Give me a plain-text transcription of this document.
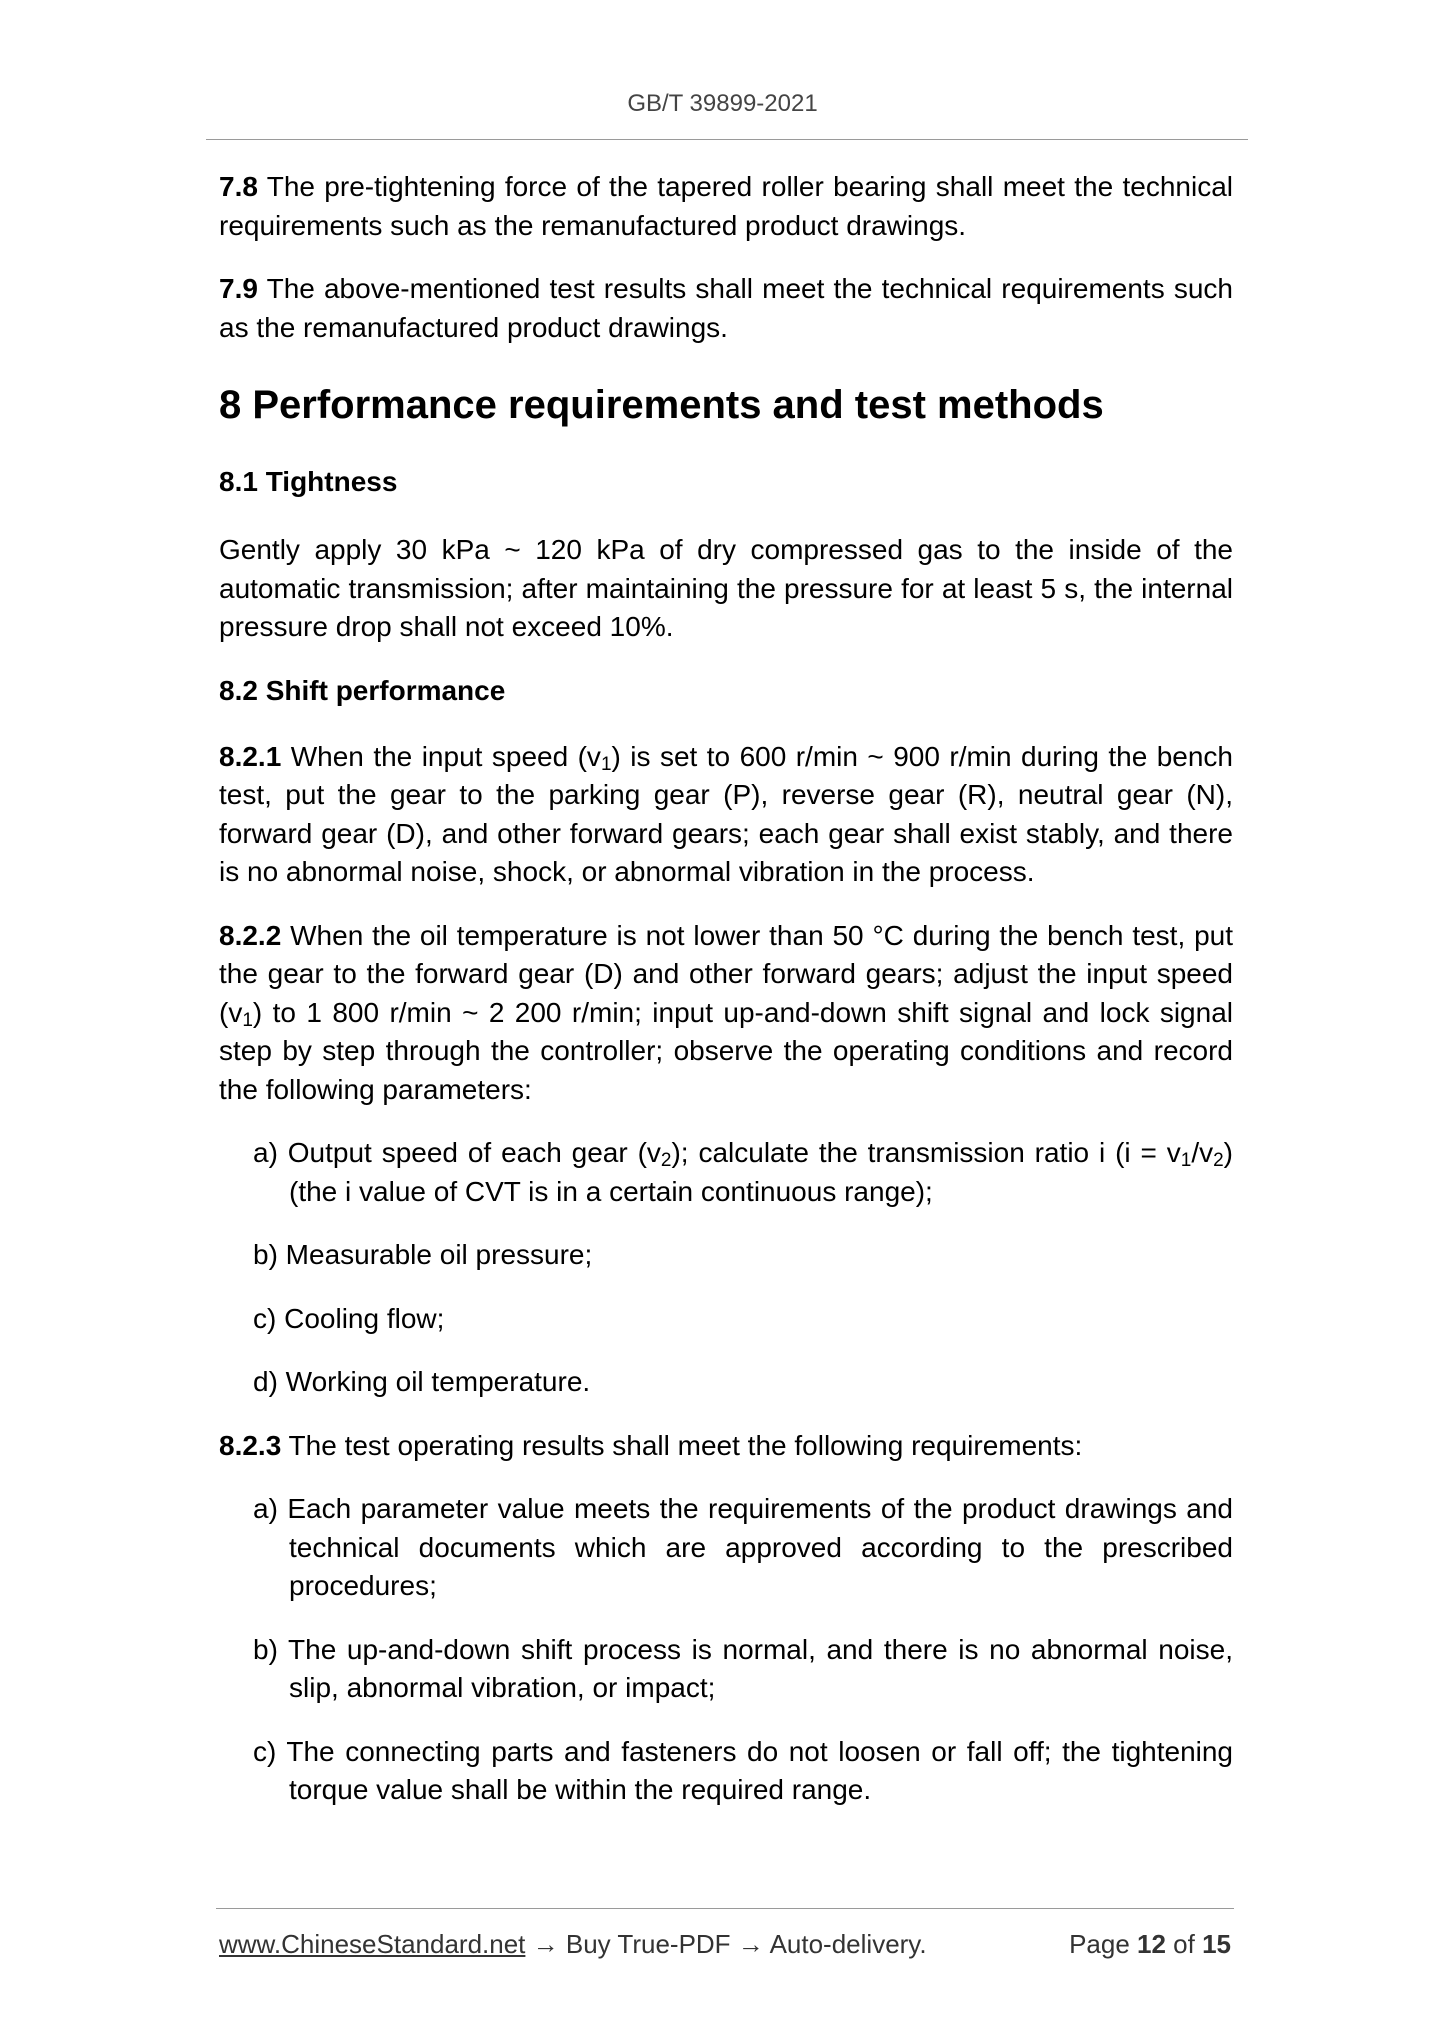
GB/T 39899-2021

7.8 The pre-tightening force of the tapered roller bearing shall meet the technical requirements such as the remanufactured product drawings.

7.9 The above-mentioned test results shall meet the technical requirements such as the remanufactured product drawings.

8 Performance requirements and test methods
8.1 Tightness

Gently apply 30 kPa ~ 120 kPa of dry compressed gas to the inside of the automatic transmission; after maintaining the pressure for at least 5 s, the internal pressure drop shall not exceed 10%.

8.2 Shift performance

8.2.1 When the input speed $(v_1)$ is set to 600 r/min ~ 900 r/min during the bench test, put the gear to the parking gear (P), reverse gear (R), neutral gear (N), forward gear (D), and other forward gears; each gear shall exist stably, and there is no abnormal noise, shock, or abnormal vibration in the process.

8.2.2 When the oil temperature is not lower than 50 °C during the bench test, put the gear to the forward gear (D) and other forward gears; adjust the input speed $(v_1)$ to 1 800 r/min ~ 2 200 r/min; input up-and-down shift signal and lock signal step by step through the controller; observe the operating conditions and record the following parameters:

a) Output speed of each gear $(v_2)$; calculate the transmission ratio i $(i = v_1/v_2)$ (the i value of CVT is in a certain continuous range);

b) Measurable oil pressure;

c) Cooling flow;

d) Working oil temperature.

8.2.3 The test operating results shall meet the following requirements:

a) Each parameter value meets the requirements of the product drawings and technical documents which are approved according to the prescribed procedures;

b) The up-and-down shift process is normal, and there is no abnormal noise, slip, abnormal vibration, or impact;

c) The connecting parts and fasteners do not loosen or fall off; the tightening torque value shall be within the required range.

www.ChineseStandard.net → Buy True-PDF → Auto-delivery.	Page 12 of 15
